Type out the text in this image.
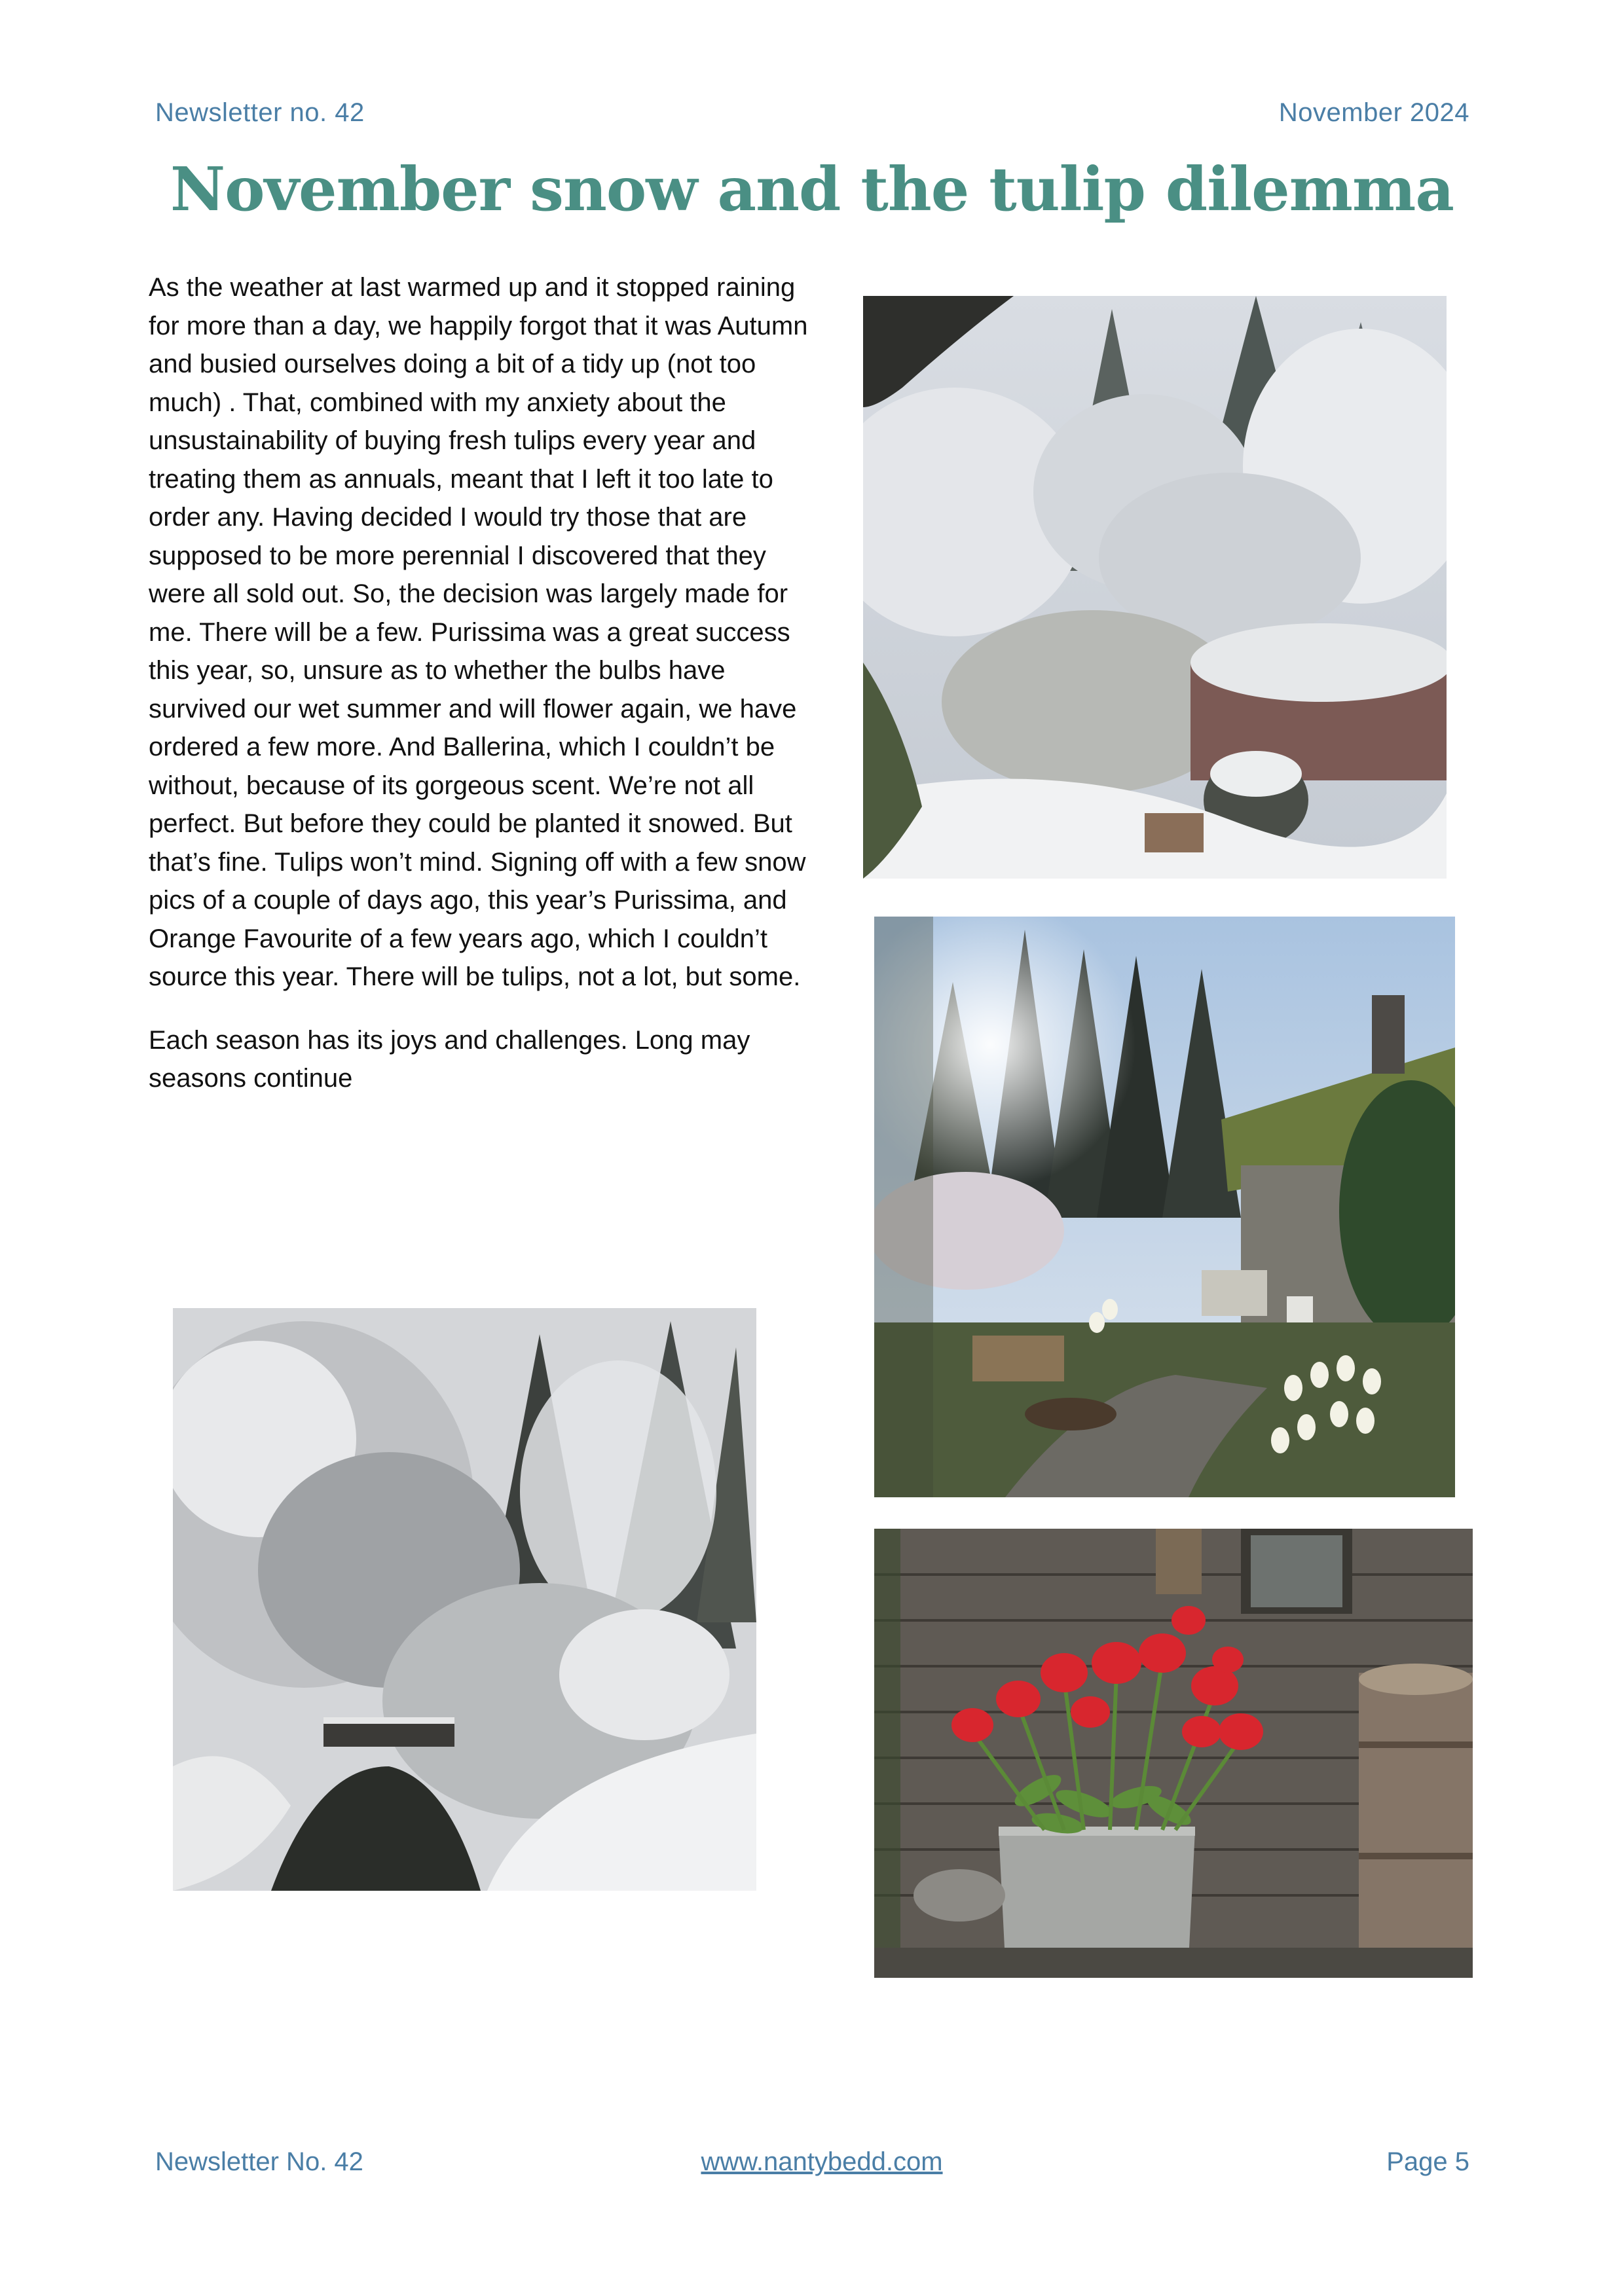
Newsletter no. 42	November 2024
November snow and the tulip dilemma

As the weather at last warmed up and it stopped raining for more than a day, we happily forgot that it was Autumn and busied ourselves doing a bit of a tidy up (not too much) . That, combined with my anxiety about the unsustainability of buying fresh tulips every year and treating them as annuals, meant that I left it too late to order any. Having decided I would try those that are supposed to be more perennial I discovered that they were all sold out. So, the decision was largely made for me. There will be a few. Purissima was a great success this year, so, unsure as to whether the bulbs have survived our wet summer and will flower again, we have ordered a few more. And Ballerina, which I couldn’t be without, because of its gorgeous scent. We’re not all perfect. But before they could be planted it snowed. But that’s fine. Tulips won’t mind. Signing off with a few snow pics of a couple of days ago, this year’s Purissima, and Orange Favourite of a few years ago, which I couldn’t source this year. There will be tulips, not a lot, but some.

Each season has its joys and challenges. Long may seasons continue

Newsletter No. 42	www.nantybedd.com	Page 5
